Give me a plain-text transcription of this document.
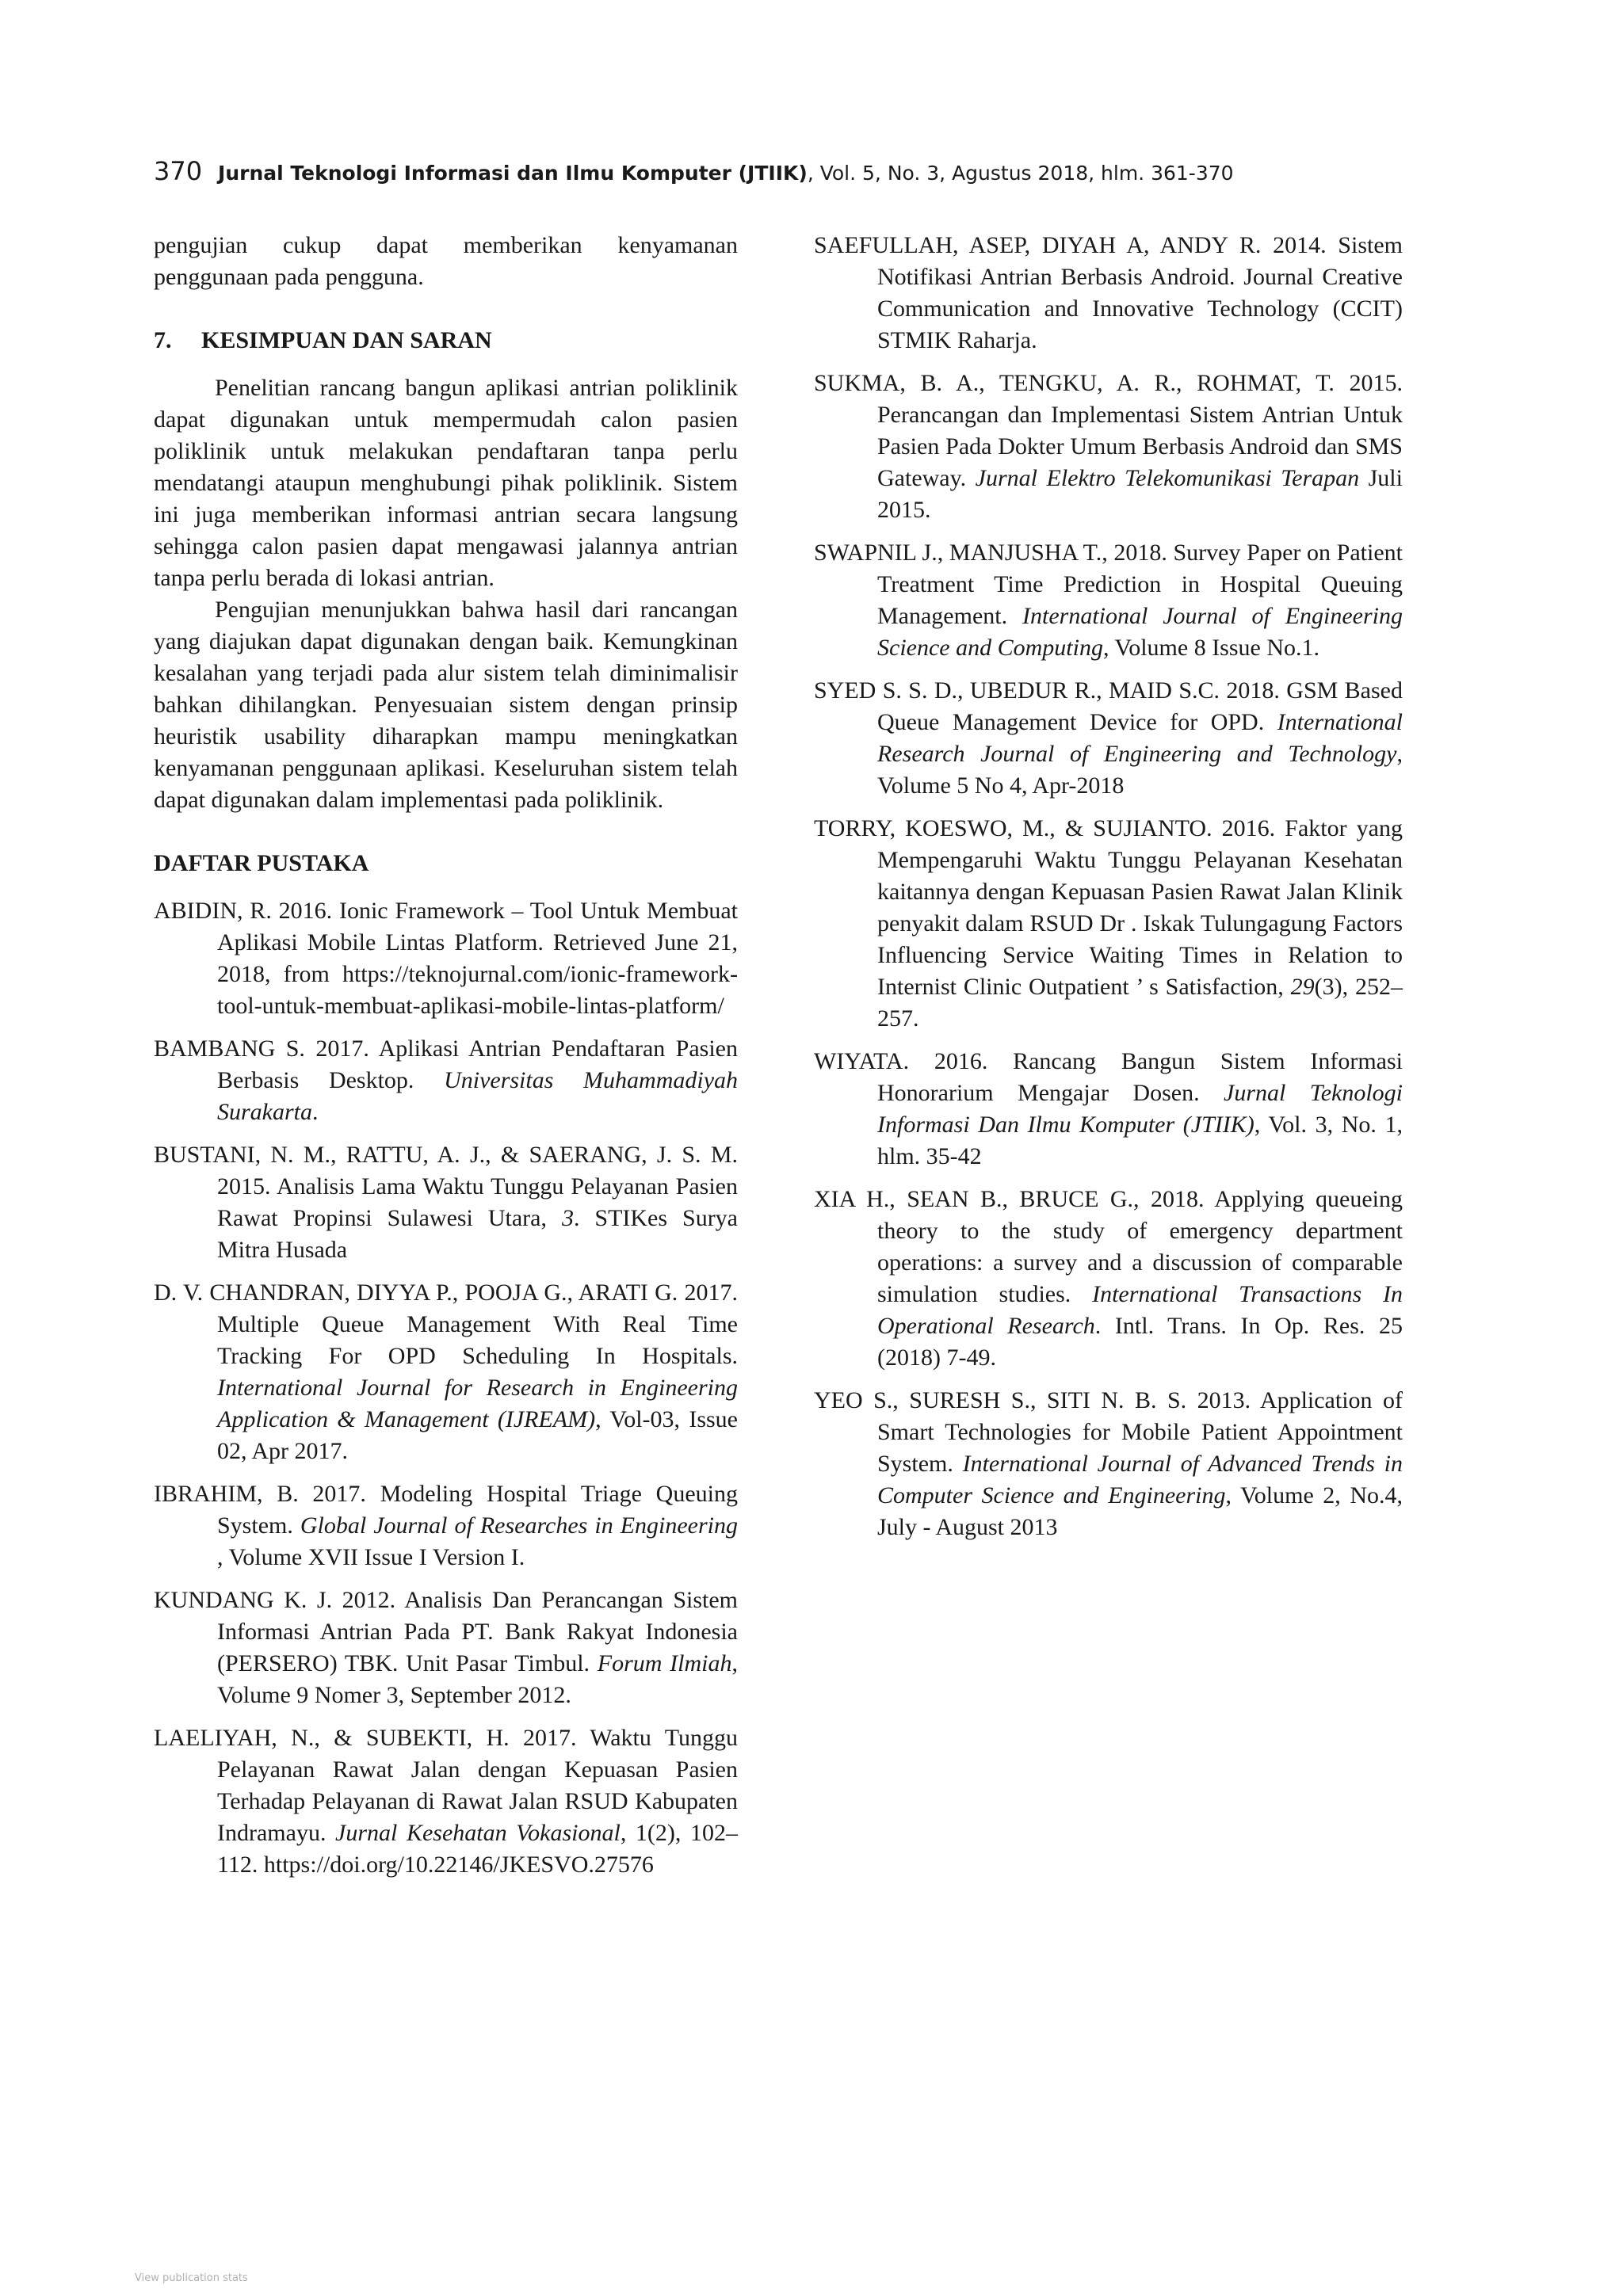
370 Jurnal Teknologi Informasi dan Ilmu Komputer (JTIIK), Vol. 5, No. 3, Agustus 2018, hlm. 361-370

pengujian cukup dapat memberikan kenyamanan penggunaan pada pengguna.

7. KESIMPUAN DAN SARAN

Penelitian rancang bangun aplikasi antrian poliklinik dapat digunakan untuk mempermudah calon pasien poliklinik untuk melakukan pendaftaran tanpa perlu mendatangi ataupun menghubungi pihak poliklinik. Sistem ini juga memberikan informasi antrian secara langsung sehingga calon pasien dapat mengawasi jalannya antrian tanpa perlu berada di lokasi antrian.

Pengujian menunjukkan bahwa hasil dari rancangan yang diajukan dapat digunakan dengan baik. Kemungkinan kesalahan yang terjadi pada alur sistem telah diminimalisir bahkan dihilangkan. Penyesuaian sistem dengan prinsip heuristik usability diharapkan mampu meningkatkan kenyamanan penggunaan aplikasi. Keseluruhan sistem telah dapat digunakan dalam implementasi pada poliklinik.

DAFTAR PUSTAKA

ABIDIN, R. 2016. Ionic Framework – Tool Untuk Membuat Aplikasi Mobile Lintas Platform. Retrieved June 21, 2018, from https://teknojurnal.com/ionic-framework-tool-untuk-membuat-aplikasi-mobile-lintas-platform/

BAMBANG S. 2017. Aplikasi Antrian Pendaftaran Pasien Berbasis Desktop. Universitas Muhammadiyah Surakarta.

BUSTANI, N. M., RATTU, A. J., & SAERANG, J. S. M. 2015. Analisis Lama Waktu Tunggu Pelayanan Pasien Rawat Propinsi Sulawesi Utara, 3. STIKes Surya Mitra Husada

D. V. CHANDRAN, DIYYA P., POOJA G., ARATI G. 2017. Multiple Queue Management With Real Time Tracking For OPD Scheduling In Hospitals. International Journal for Research in Engineering Application & Management (IJREAM), Vol-03, Issue 02, Apr 2017.

IBRAHIM, B. 2017. Modeling Hospital Triage Queuing System. Global Journal of Researches in Engineering , Volume XVII Issue I Version I.

KUNDANG K. J. 2012. Analisis Dan Perancangan Sistem Informasi Antrian Pada PT. Bank Rakyat Indonesia (PERSERO) TBK. Unit Pasar Timbul. Forum Ilmiah, Volume 9 Nomer 3, September 2012.

LAELIYAH, N., & SUBEKTI, H. 2017. Waktu Tunggu Pelayanan Rawat Jalan dengan Kepuasan Pasien Terhadap Pelayanan di Rawat Jalan RSUD Kabupaten Indramayu. Jurnal Kesehatan Vokasional, 1(2), 102–112. https://doi.org/10.22146/JKESVO.27576

SAEFULLAH, ASEP, DIYAH A, ANDY R. 2014. Sistem Notifikasi Antrian Berbasis Android. Journal Creative Communication and Innovative Technology (CCIT) STMIK Raharja.

SUKMA, B. A., TENGKU, A. R., ROHMAT, T. 2015. Perancangan dan Implementasi Sistem Antrian Untuk Pasien Pada Dokter Umum Berbasis Android dan SMS Gateway. Jurnal Elektro Telekomunikasi Terapan Juli 2015.

SWAPNIL J., MANJUSHA T., 2018. Survey Paper on Patient Treatment Time Prediction in Hospital Queuing Management. International Journal of Engineering Science and Computing, Volume 8 Issue No.1.

SYED S. S. D., UBEDUR R., MAID S.C. 2018. GSM Based Queue Management Device for OPD. International Research Journal of Engineering and Technology, Volume 5 No 4, Apr-2018

TORRY, KOESWO, M., & SUJIANTO. 2016. Faktor yang Mempengaruhi Waktu Tunggu Pelayanan Kesehatan kaitannya dengan Kepuasan Pasien Rawat Jalan Klinik penyakit dalam RSUD Dr . Iskak Tulungagung Factors Influencing Service Waiting Times in Relation to Internist Clinic Outpatient ’ s Satisfaction, 29(3), 252–257.

WIYATA. 2016. Rancang Bangun Sistem Informasi Honorarium Mengajar Dosen. Jurnal Teknologi Informasi Dan Ilmu Komputer (JTIIK), Vol. 3, No. 1, hlm. 35-42

XIA H., SEAN B., BRUCE G., 2018. Applying queueing theory to the study of emergency department operations: a survey and a discussion of comparable simulation studies. International Transactions In Operational Research. Intl. Trans. In Op. Res. 25 (2018) 7-49.

YEO S., SURESH S., SITI N. B. S. 2013. Application of Smart Technologies for Mobile Patient Appointment System. International Journal of Advanced Trends in Computer Science and Engineering, Volume 2, No.4, July - August 2013

View publication stats
